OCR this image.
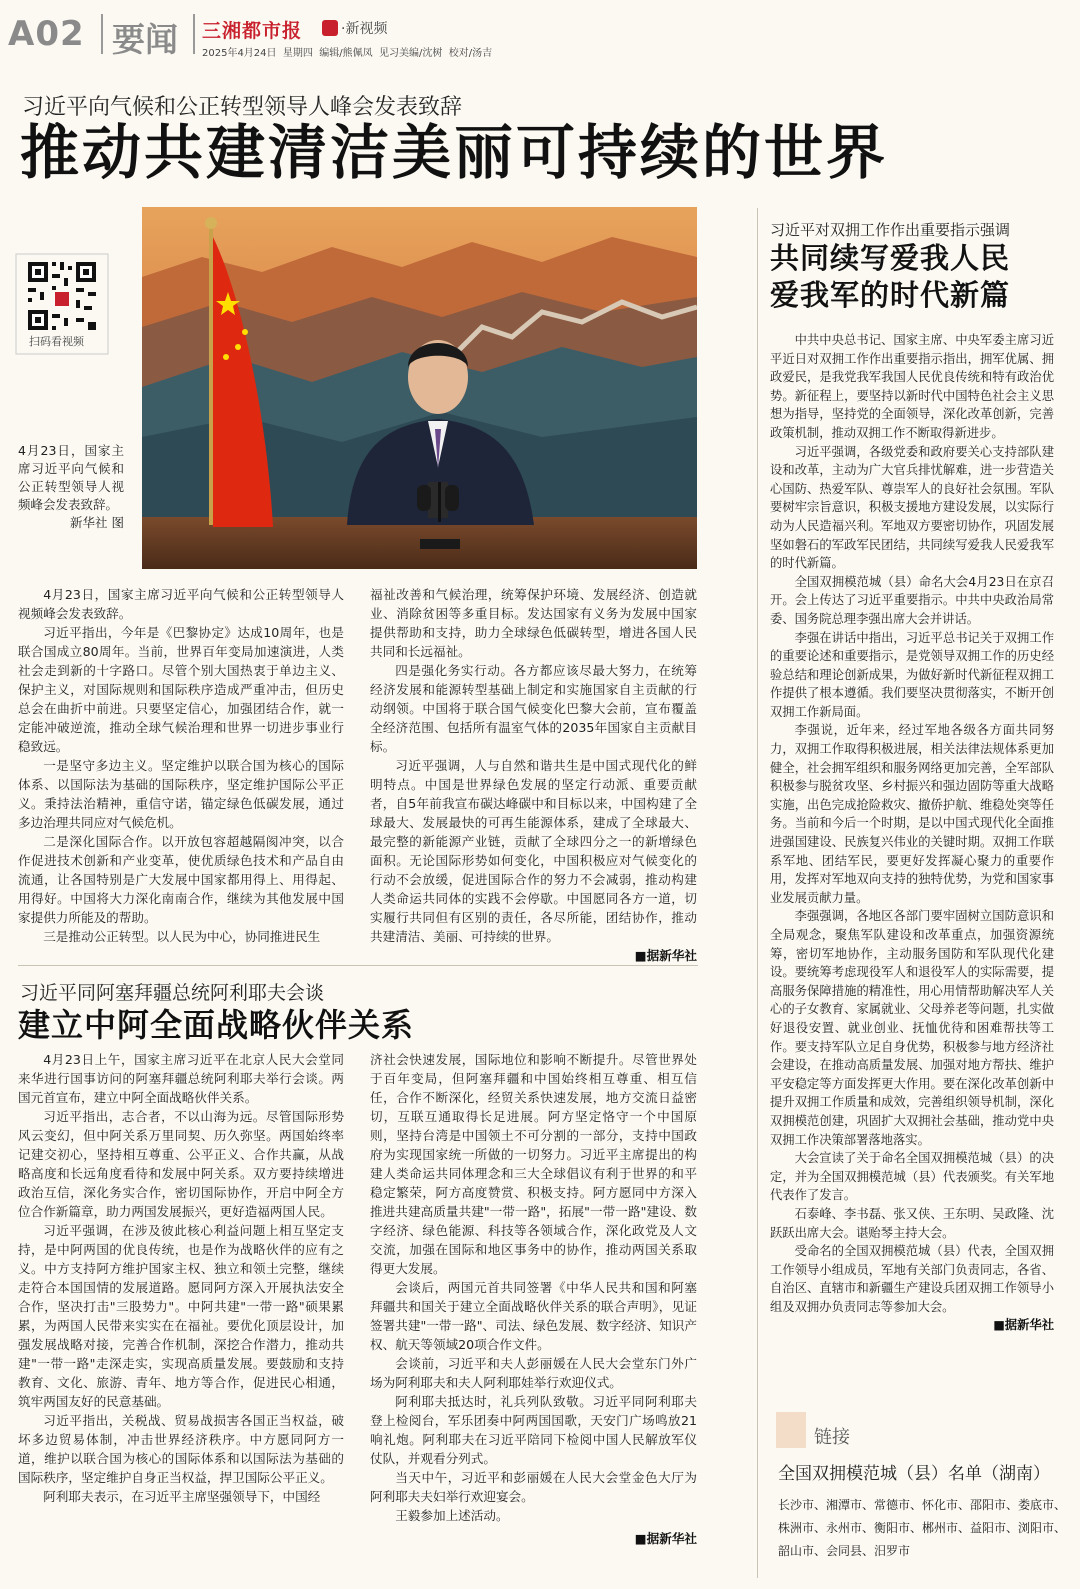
A02 要闻 三湘都市报	·新视频
2025年4月24日 星期四 编辑/熊佩凤 见习美编/沈树 校对/汤吉
习近平向气候和公正转型领导人峰会发表致辞
推动共建清洁美丽可持续的世界
扫码看视频
4月23日，国家主席习近平向气候和公正转型领导人视频峰会发表致辞。
新华社 图

4月23日，国家主席习近平向气候和公正转型领导人视频峰会发表致辞。

习近平指出，今年是《巴黎协定》达成10周年，也是联合国成立80周年。当前，世界百年变局加速演进，人类社会走到新的十字路口。尽管个别大国热衷于单边主义、保护主义，对国际规则和国际秩序造成严重冲击，但历史总会在曲折中前进。只要坚定信心，加强团结合作，就一定能冲破逆流，推动全球气候治理和世界一切进步事业行稳致远。

一是坚守多边主义。坚定维护以联合国为核心的国际体系、以国际法为基础的国际秩序，坚定维护国际公平正义。秉持法治精神，重信守诺，锚定绿色低碳发展，通过多边治理共同应对气候危机。

二是深化国际合作。以开放包容超越隔阂冲突，以合作促进技术创新和产业变革，使优质绿色技术和产品自由流通，让各国特别是广大发展中国家都用得上、用得起、用得好。中国将大力深化南南合作，继续为其他发展中国家提供力所能及的帮助。

三是推动公正转型。以人民为中心，协同推进民生

福祉改善和气候治理，统筹保护环境、发展经济、创造就业、消除贫困等多重目标。发达国家有义务为发展中国家提供帮助和支持，助力全球绿色低碳转型，增进各国人民共同和长远福祉。

四是强化务实行动。各方都应该尽最大努力，在统筹经济发展和能源转型基础上制定和实施国家自主贡献的行动纲领。中国将于联合国气候变化巴黎大会前，宣布覆盖全经济范围、包括所有温室气体的2035年国家自主贡献目标。

习近平强调，人与自然和谐共生是中国式现代化的鲜明特点。中国是世界绿色发展的坚定行动派、重要贡献者，自5年前我宣布碳达峰碳中和目标以来，中国构建了全球最大、发展最快的可再生能源体系，建成了全球最大、最完整的新能源产业链，贡献了全球四分之一的新增绿色面积。无论国际形势如何变化，中国积极应对气候变化的行动不会放缓，促进国际合作的努力不会减弱，推动构建人类命运共同体的实践不会停歇。中国愿同各方一道，切实履行共同但有区别的责任，各尽所能，团结协作，推动共建清洁、美丽、可持续的世界。

■据新华社
习近平同阿塞拜疆总统阿利耶夫会谈
建立中阿全面战略伙伴关系

4月23日上午，国家主席习近平在北京人民大会堂同来华进行国事访问的阿塞拜疆总统阿利耶夫举行会谈。两国元首宣布，建立中阿全面战略伙伴关系。

习近平指出，志合者，不以山海为远。尽管国际形势风云变幻，但中阿关系万里同契、历久弥坚。两国始终率记建交初心，坚持相互尊重、公平正义、合作共赢，从战略高度和长远角度看待和发展中阿关系。双方要持续增进政治互信，深化务实合作，密切国际协作，开启中阿全方位合作新篇章，助力两国发展振兴，更好造福两国人民。

习近平强调，在涉及彼此核心利益问题上相互坚定支持，是中阿两国的优良传统，也是作为战略伙伴的应有之义。中方支持阿方维护国家主权、独立和领土完整，继续走符合本国国情的发展道路。愿同阿方深入开展执法安全合作，坚决打击"三股势力"。中阿共建"一带一路"硕果累累，为两国人民带来实实在在福祉。要优化顶层设计，加强发展战略对接，完善合作机制，深挖合作潜力，推动共建"一带一路"走深走实，实现高质量发展。要鼓励和支持教育、文化、旅游、青年、地方等合作，促进民心相通，筑牢两国友好的民意基础。

习近平指出，关税战、贸易战损害各国正当权益，破坏多边贸易体制，冲击世界经济秩序。中方愿同阿方一道，维护以联合国为核心的国际体系和以国际法为基础的国际秩序，坚定维护自身正当权益，捍卫国际公平正义。

阿利耶夫表示，在习近平主席坚强领导下，中国经

济社会快速发展，国际地位和影响不断提升。尽管世界处于百年变局，但阿塞拜疆和中国始终相互尊重、相互信任，合作不断深化，经贸关系快速发展，地方交流日益密切，互联互通取得长足进展。阿方坚定恪守一个中国原则，坚持台湾是中国领土不可分割的一部分，支持中国政府为实现国家统一所做的一切努力。习近平主席提出的构建人类命运共同体理念和三大全球倡议有利于世界的和平稳定繁荣，阿方高度赞赏、积极支持。阿方愿同中方深入推进共建高质量共建"一带一路"，拓展"一带一路"建设、数字经济、绿色能源、科技等各领域合作，深化政党及人文交流，加强在国际和地区事务中的协作，推动两国关系取得更大发展。

会谈后，两国元首共同签署《中华人民共和国和阿塞拜疆共和国关于建立全面战略伙伴关系的联合声明》，见证签署共建"一带一路"、司法、绿色发展、数字经济、知识产权、航天等领域20项合作文件。

会谈前，习近平和夫人彭丽媛在人民大会堂东门外广场为阿利耶夫和夫人阿利耶娃举行欢迎仪式。

阿利耶夫抵达时，礼兵列队致敬。习近平同阿利耶夫登上检阅台，军乐团奏中阿两国国歌，天安门广场鸣放21响礼炮。阿利耶夫在习近平陪同下检阅中国人民解放军仪仗队，并观看分列式。

当天中午，习近平和彭丽媛在人民大会堂金色大厅为阿利耶夫夫妇举行欢迎宴会。

王毅参加上述活动。

■据新华社
习近平对双拥工作作出重要指示强调
共同续写爱我人民
爱我军的时代新篇

中共中央总书记、国家主席、中央军委主席习近平近日对双拥工作作出重要指示指出，拥军优属、拥政爱民，是我党我军我国人民优良传统和特有政治优势。新征程上，要坚持以新时代中国特色社会主义思想为指导，坚持党的全面领导，深化改革创新，完善政策机制，推动双拥工作不断取得新进步。

习近平强调，各级党委和政府要关心支持部队建设和改革，主动为广大官兵排忧解难，进一步营造关心国防、热爱军队、尊崇军人的良好社会氛围。军队要树牢宗旨意识，积极支援地方建设发展，以实际行动为人民造福兴利。军地双方要密切协作，巩固发展坚如磐石的军政军民团结，共同续写爱我人民爱我军的时代新篇。

全国双拥模范城（县）命名大会4月23日在京召开。会上传达了习近平重要指示。中共中央政治局常委、国务院总理李强出席大会并讲话。

李强在讲话中指出，习近平总书记关于双拥工作的重要论述和重要指示，是党领导双拥工作的历史经验总结和理论创新成果，为做好新时代新征程双拥工作提供了根本遵循。我们要坚决贯彻落实，不断开创双拥工作新局面。

李强说，近年来，经过军地各级各方面共同努力，双拥工作取得积极进展，相关法律法规体系更加健全，社会拥军组织和服务网络更加完善，全军部队积极参与脱贫攻坚、乡村振兴和强边固防等重大战略实施，出色完成抢险救灾、撤侨护航、维稳处突等任务。当前和今后一个时期，是以中国式现代化全面推进强国建设、民族复兴伟业的关键时期。双拥工作联系军地、团结军民，要更好发挥凝心聚力的重要作用，发挥对军地双向支持的独特优势，为党和国家事业发展贡献力量。

李强强调，各地区各部门要牢固树立国防意识和全局观念，聚焦军队建设和改革重点，加强资源统筹，密切军地协作，主动服务国防和军队现代化建设。要统筹考虑现役军人和退役军人的实际需要，提高服务保障措施的精准性，用心用情帮助解决军人关心的子女教育、家属就业、父母养老等问题，扎实做好退役安置、就业创业、抚恤优待和困难帮扶等工作。要支持军队立足自身优势，积极参与地方经济社会建设，在推动高质量发展、加强对地方帮扶、维护平安稳定等方面发挥更大作用。要在深化改革创新中提升双拥工作质量和成效，完善组织领导机制，深化双拥模范创建，巩固扩大双拥社会基础，推动党中央双拥工作决策部署落地落实。

大会宣读了关于命名全国双拥模范城（县）的决定，并为全国双拥模范城（县）代表颁奖。有关军地代表作了发言。

石泰峰、李书磊、张又侠、王东明、吴政隆、沈跃跃出席大会。谌贻琴主持大会。

受命名的全国双拥模范城（县）代表，全国双拥工作领导小组成员，军地有关部门负责同志，各省、自治区、直辖市和新疆生产建设兵团双拥工作领导小组及双拥办负责同志等参加大会。

■据新华社
链接
全国双拥模范城（县）名单（湖南）
长沙市、湘潭市、常德市、怀化市、邵阳市、娄底市、株洲市、永州市、衡阳市、郴州市、益阳市、浏阳市、韶山市、会同县、汨罗市
